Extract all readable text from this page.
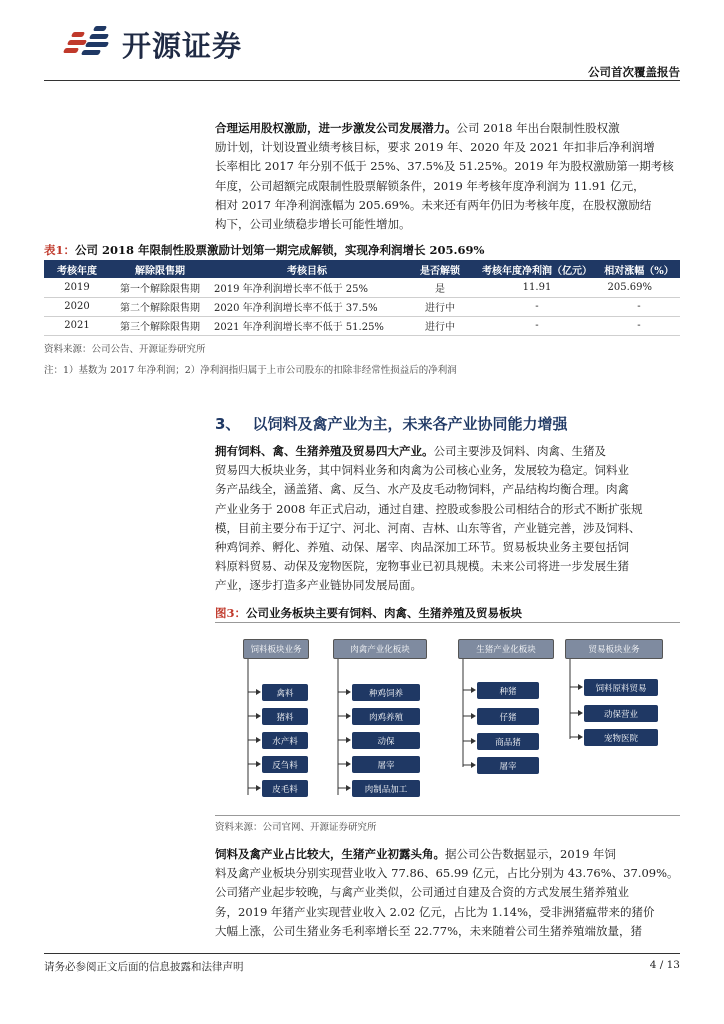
开源证券
公司首次覆盖报告
合理运用股权激励，进一步激发公司发展潜力。公司 2018 年出台限制性股权激
励计划，计划设置业绩考核目标，要求 2019 年、2020 年及 2021 年扣非后净利润增
长率相比 2017 年分别不低于 25%、37.5%及 51.25%。2019 年为股权激励第一期考核
年度，公司超额完成限制性股票解锁条件，2019 年考核年度净利润为 11.91 亿元，
相对 2017 年净利润涨幅为 205.69%。未来还有两年仍旧为考核年度，在股权激励结
构下，公司业绩稳步增长可能性增加。
表1：公司 2018 年限制性股票激励计划第一期完成解锁，实现净利润增长 205.69%
考核年度	解除限售期	考核目标	是否解锁	考核年度净利润（亿元）	相对涨幅（%）
2019	第一个解除限售期	2019 年净利润增长率不低于 25%	是	11.91	205.69%
2020	第二个解除限售期	2020 年净利润增长率不低于 37.5%	进行中	-	-
2021	第三个解除限售期	2021 年净利润增长率不低于 51.25%	进行中	-	-
资料来源：公司公告、开源证券研究所
注：1）基数为 2017 年净利润；2）净利润指归属于上市公司股东的扣除非经常性损益后的净利润
3、 以饲料及禽产业为主，未来各产业协同能力增强
拥有饲料、禽、生猪养殖及贸易四大产业。公司主要涉及饲料、肉禽、生猪及
贸易四大板块业务，其中饲料业务和肉禽为公司核心业务，发展较为稳定。饲料业
务产品线全，涵盖猪、禽、反刍、水产及皮毛动物饲料，产品结构均衡合理。肉禽
产业业务于 2008 年正式启动，通过自建、控股或参股公司相结合的形式不断扩张规
模，目前主要分布于辽宁、河北、河南、吉林、山东等省，产业链完善，涉及饲料、
种鸡饲养、孵化、养殖、动保、屠宰、肉品深加工环节。贸易板块业务主要包括饲
料原料贸易、动保及宠物医院，宠物事业已初具规模。未来公司将进一步发展生猪
产业，逐步打造多产业链协同发展局面。
图3：公司业务板块主要有饲料、肉禽、生猪养殖及贸易板块
饲料板块业务	肉禽产业化板块	生猪产业化板块	贸易板块业务
禽料
猪料
水产料
反刍料
皮毛料
种鸡饲养
肉鸡养殖
动保
屠宰
肉制品加工
种猪
仔猪
商品猪
屠宰
饲料原料贸易
动保营业
宠物医院
资料来源：公司官网、开源证券研究所
饲料及禽产业占比较大，生猪产业初露头角。据公司公告数据显示，2019 年饲
料及禽产业板块分别实现营业收入 77.86、65.99 亿元，占比分别为 43.76%、37.09%。
公司猪产业起步较晚，与禽产业类似，公司通过自建及合资的方式发展生猪养殖业
务，2019 年猪产业实现营业收入 2.02 亿元，占比为 1.14%，受非洲猪瘟带来的猪价
大幅上涨，公司生猪业务毛利率增长至 22.77%，未来随着公司生猪养殖端放量，猪
请务必参阅正文后面的信息披露和法律声明	4 / 13
